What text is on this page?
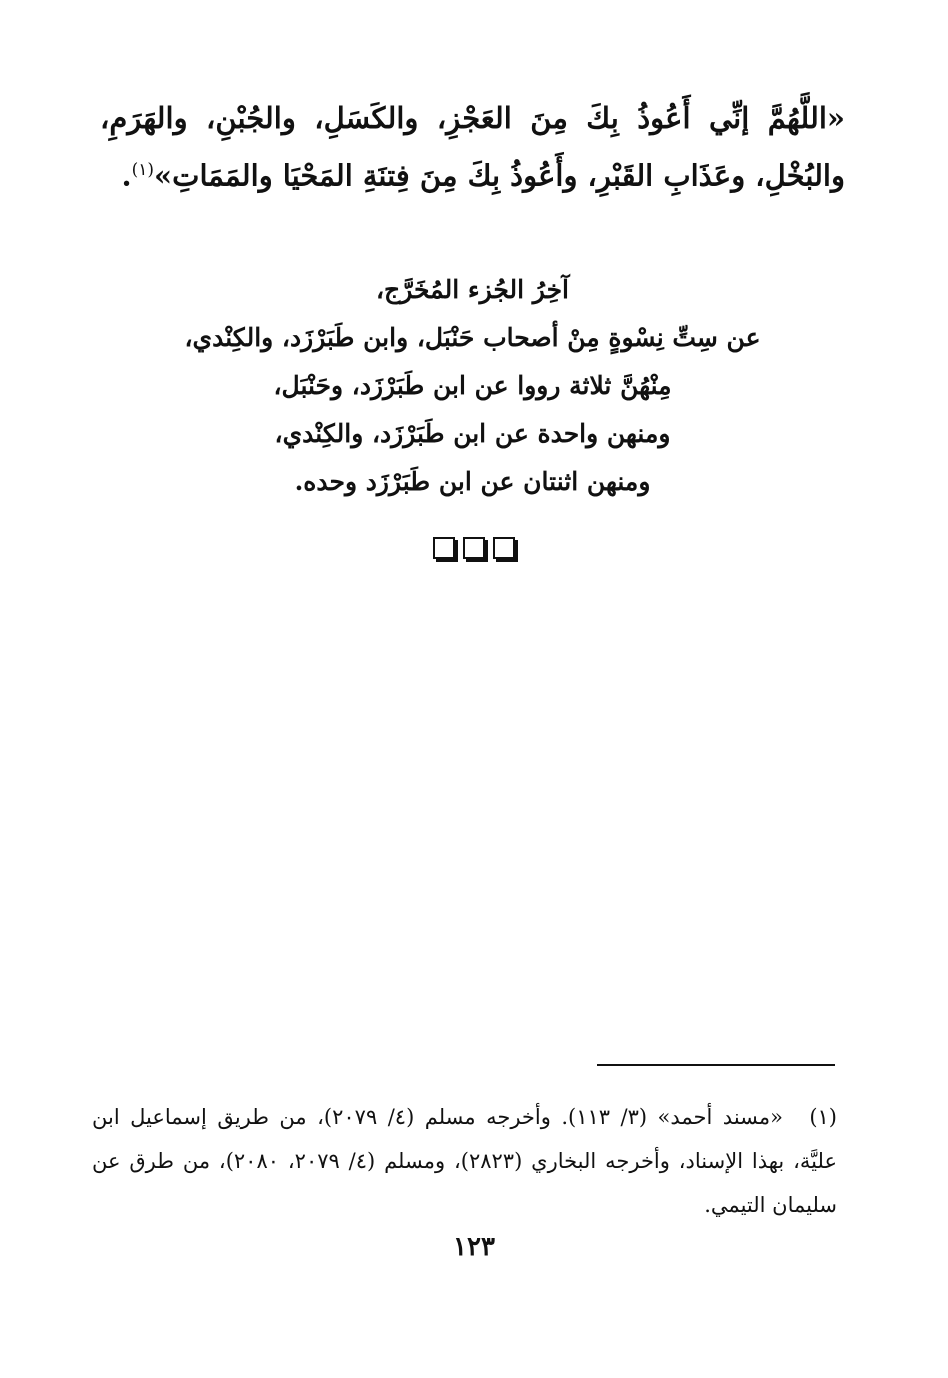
«اللَّهُمَّ إنِّي أَعُوذُ بِكَ مِنَ العَجْزِ، والكَسَلِ، والجُبْنِ، والهَرَمِ، والبُخْلِ، وعَذَابِ القَبْرِ، وأَعُوذُ بِكَ مِنَ فِتنَةِ المَحْيَا والمَمَاتِ»$^{(١)}$.

آخِرُ الجُزء المُخَرَّج،
عن سِتِّ نِسْوةٍ مِنْ أصحاب حَنْبَل، وابن طَبَرْزَد، والكِنْدي،
مِنْهُنَّ ثلاثة رووا عن ابن طَبَرْزَد، وحَنْبَل،
ومنهن واحدة عن ابن طَبَرْزَد، والكِنْدي،
ومنهن اثنتان عن ابن طَبَرْزَد وحده.

(١)«مسند أحمد» (٣/ ١١٣). وأخرجه مسلم (٤/ ٢٠٧٩)، من طريق إسماعيل ابن عليَّة، بهذا الإسناد، وأخرجه البخاري (٢٨٢٣)، ومسلم (٤/ ٢٠٧٩، ٢٠٨٠)، من طرق عن سليمان التيمي.

١٢٣
